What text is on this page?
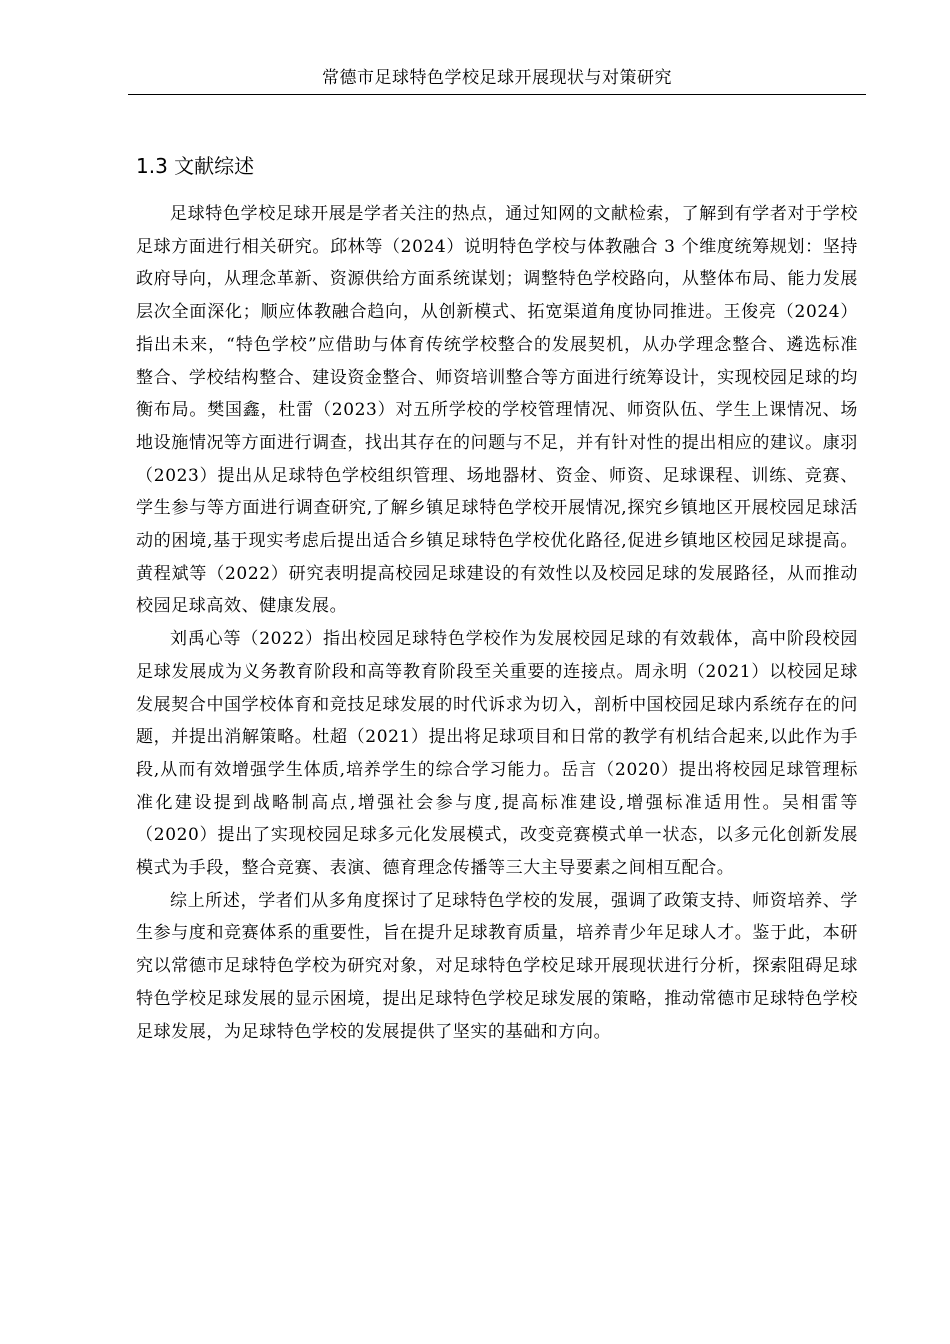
常德市足球特色学校足球开展现状与对策研究
1.3 文献综述

足球特色学校足球开展是学者关注的热点，通过知网的文献检索，了解到有学者对于学校足球方面进行相关研究。邱林等（2024）说明特色学校与体教融合 3 个维度统筹规划：坚持政府导向，从理念革新、资源供给方面系统谋划；调整特色学校路向，从整体布局、能力发展层次全面深化；顺应体教融合趋向，从创新模式、拓宽渠道角度协同推进。王俊亮（2024）指出未来，“特色学校”应借助与体育传统学校整合的发展契机，从办学理念整合、遴选标准整合、学校结构整合、建设资金整合、师资培训整合等方面进行统筹设计，实现校园足球的均衡布局。樊国鑫，杜雷（2023）对五所学校的学校管理情况、师资队伍、学生上课情况、场地设施情况等方面进行调查，找出其存在的问题与不足，并有针对性的提出相应的建议。康羽（2023）提出从足球特色学校组织管理、场地器材、资金、师资、足球课程、训练、竞赛、学生参与等方面进行调查研究,了解乡镇足球特色学校开展情况,探究乡镇地区开展校园足球活动的困境,基于现实考虑后提出适合乡镇足球特色学校优化路径,促进乡镇地区校园足球提高。黄程斌等（2022）研究表明提高校园足球建设的有效性以及校园足球的发展路径，从而推动校园足球高效、健康发展。

刘禹心等（2022）指出校园足球特色学校作为发展校园足球的有效载体，高中阶段校园足球发展成为义务教育阶段和高等教育阶段至关重要的连接点。周永明（2021）以校园足球发展契合中国学校体育和竞技足球发展的时代诉求为切入，剖析中国校园足球内系统存在的问题，并提出消解策略。杜超（2021）提出将足球项目和日常的教学有机结合起来,以此作为手段,从而有效增强学生体质,培养学生的综合学习能力。岳言（2020）提出将校园足球管理标准化建设提到战略制高点,增强社会参与度,提高标准建设,增强标准适用性。吴相雷等（2020）提出了实现校园足球多元化发展模式，改变竞赛模式单一状态，以多元化创新发展模式为手段，整合竞赛、表演、德育理念传播等三大主导要素之间相互配合。

综上所述，学者们从多角度探讨了足球特色学校的发展，强调了政策支持、师资培养、学生参与度和竞赛体系的重要性，旨在提升足球教育质量，培养青少年足球人才。鉴于此，本研究以常德市足球特色学校为研究对象，对足球特色学校足球开展现状进行分析，探索阻碍足球特色学校足球发展的显示困境，提出足球特色学校足球发展的策略，推动常德市足球特色学校足球发展，为足球特色学校的发展提供了坚实的基础和方向。
